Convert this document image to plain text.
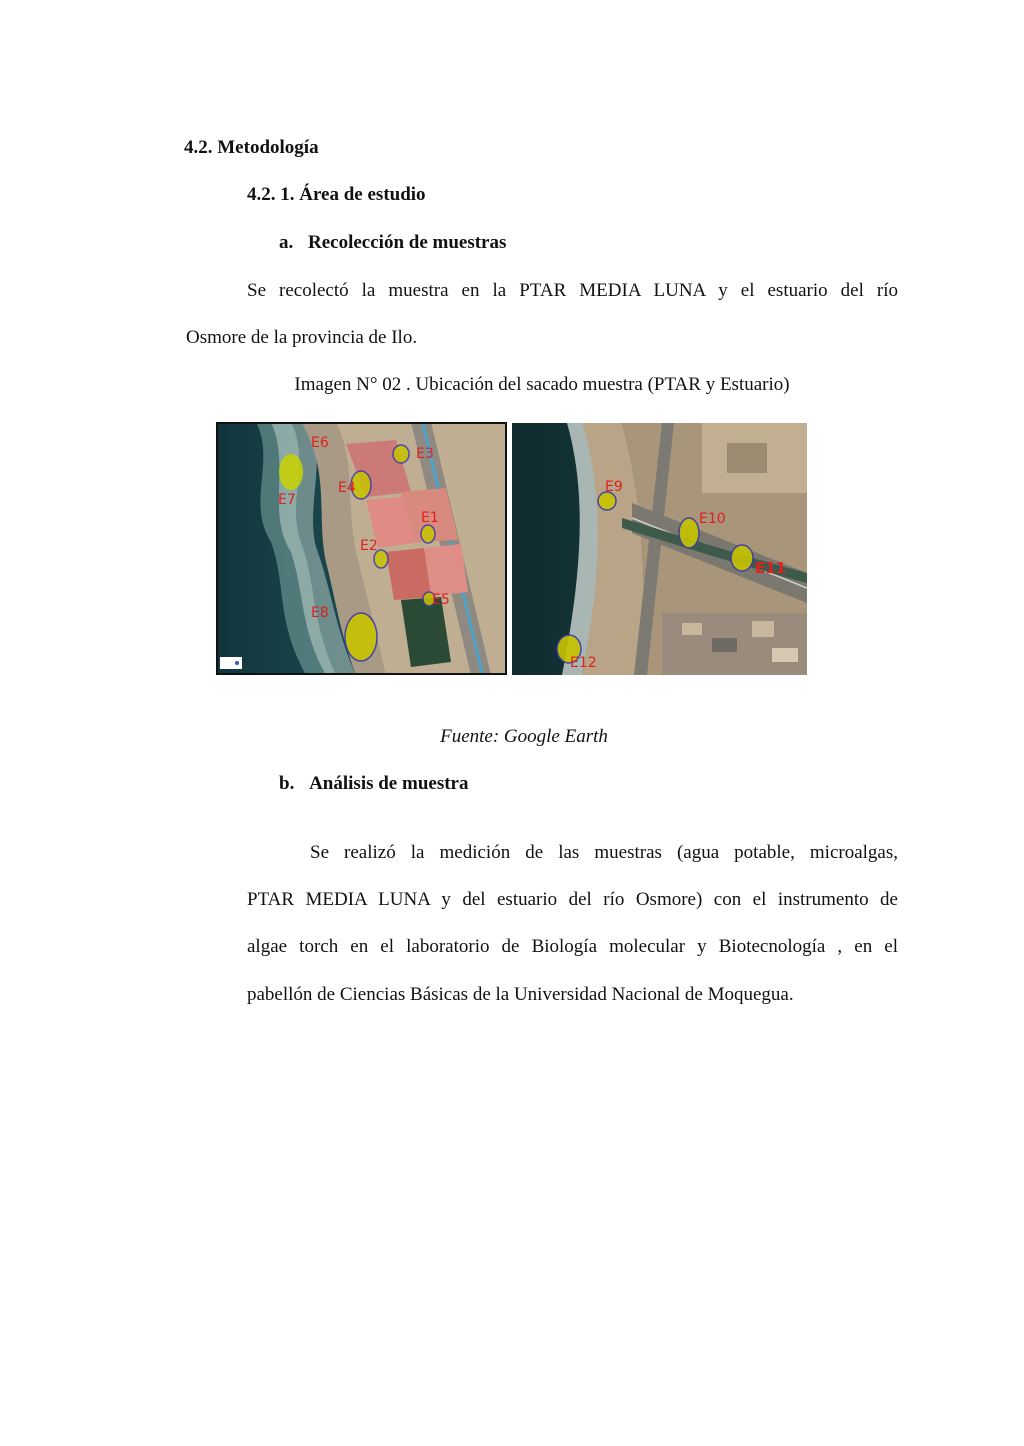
4.2. Metodología
4.2. 1. Área de estudio
a. Recolección de muestras
Se recolectó la muestra en la PTAR MEDIA LUNA y el estuario del río
Osmore de la provincia de Ilo.
Imagen N° 02 . Ubicación del sacado muestra (PTAR y Estuario)
E6
E7
E4
E3
E1
E2
E5
E8
E9
E10
E11
E12
Fuente: Google Earth
b. Análisis de muestra
Se realizó la medición de las muestras (agua potable, microalgas,
PTAR MEDIA LUNA y del estuario del río Osmore) con el instrumento de
algae torch en el laboratorio de Biología molecular y Biotecnología , en el
pabellón de Ciencias Básicas de la Universidad Nacional de Moquegua.
